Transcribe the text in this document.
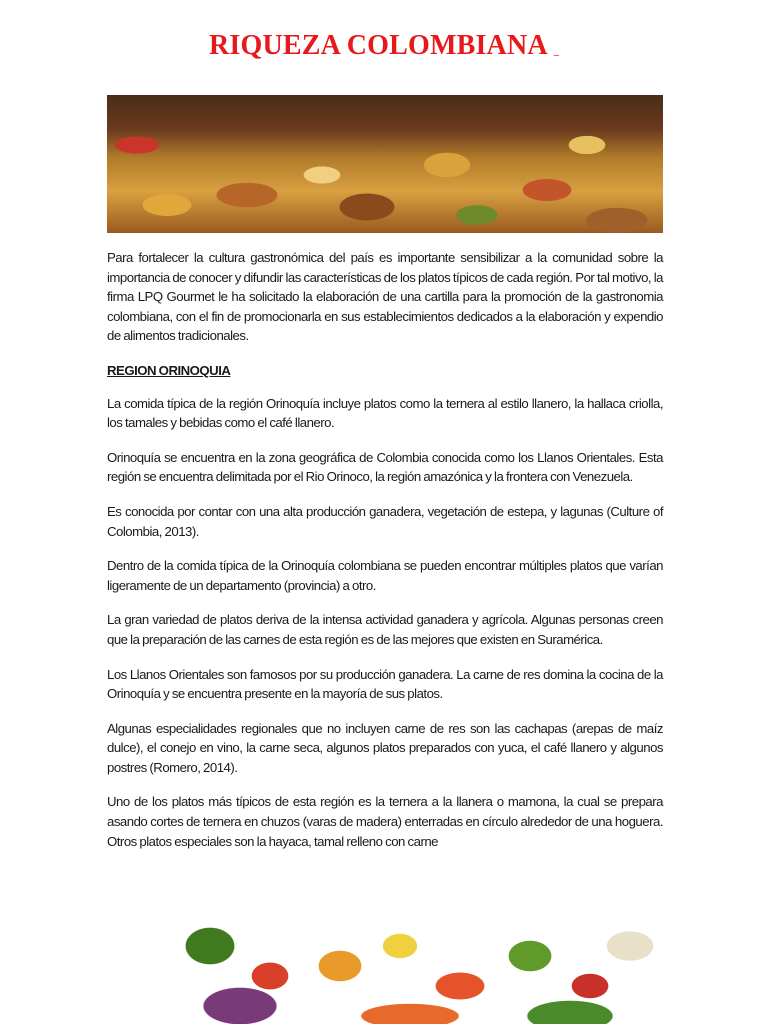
RIQUEZA COLOMBIANA _

Para fortalecer la cultura gastronómica del país es importante sensibilizar a la comunidad sobre la importancia de conocer y difundir las características de los platos típicos de cada región. Por tal motivo, la firma LPQ Gourmet le ha solicitado la elaboración de una cartilla para la promoción de la gastronomia colombiana, con el fin de promocionarla en sus establecimientos dedicados a la elaboración y expendio de alimentos tradicionales.

REGION ORINOQUIA

La comida típica de la región Orinoquía incluye platos como la ternera al estilo llanero, la hallaca criolla, los tamales y bebidas como el café llanero.

Orinoquía se encuentra en la zona geográfica de Colombia conocida como los Llanos Orientales. Esta región se encuentra delimitada por el Rio Orinoco, la región amazónica y la frontera con Venezuela.

Es conocida por contar con una alta producción ganadera, vegetación de estepa, y lagunas (Culture of Colombia, 2013).

Dentro de la comida típica de la Orinoquía colombiana se pueden encontrar múltiples platos que varían ligeramente de un departamento (provincia) a otro.

La gran variedad de platos deriva de la intensa actividad ganadera y agrícola. Algunas personas creen que la preparación de las carnes de esta región es de las mejores que existen en Suramérica.

Los Llanos Orientales son famosos por su producción ganadera. La carne de res domina la cocina de la Orinoquía y se encuentra presente en la mayoría de sus platos.

Algunas especialidades regionales que no incluyen carne de res son las cachapas (arepas de maíz dulce), el conejo en vino, la carne seca, algunos platos preparados con yuca, el café llanero y algunos postres (Romero, 2014).

Uno de los platos más típicos de esta región es la ternera a la llanera o mamona, la cual se prepara asando cortes de ternera en chuzos (varas de madera) enterradas en círculo alrededor de una hoguera. Otros platos especiales son la hayaca, tamal relleno con carne
